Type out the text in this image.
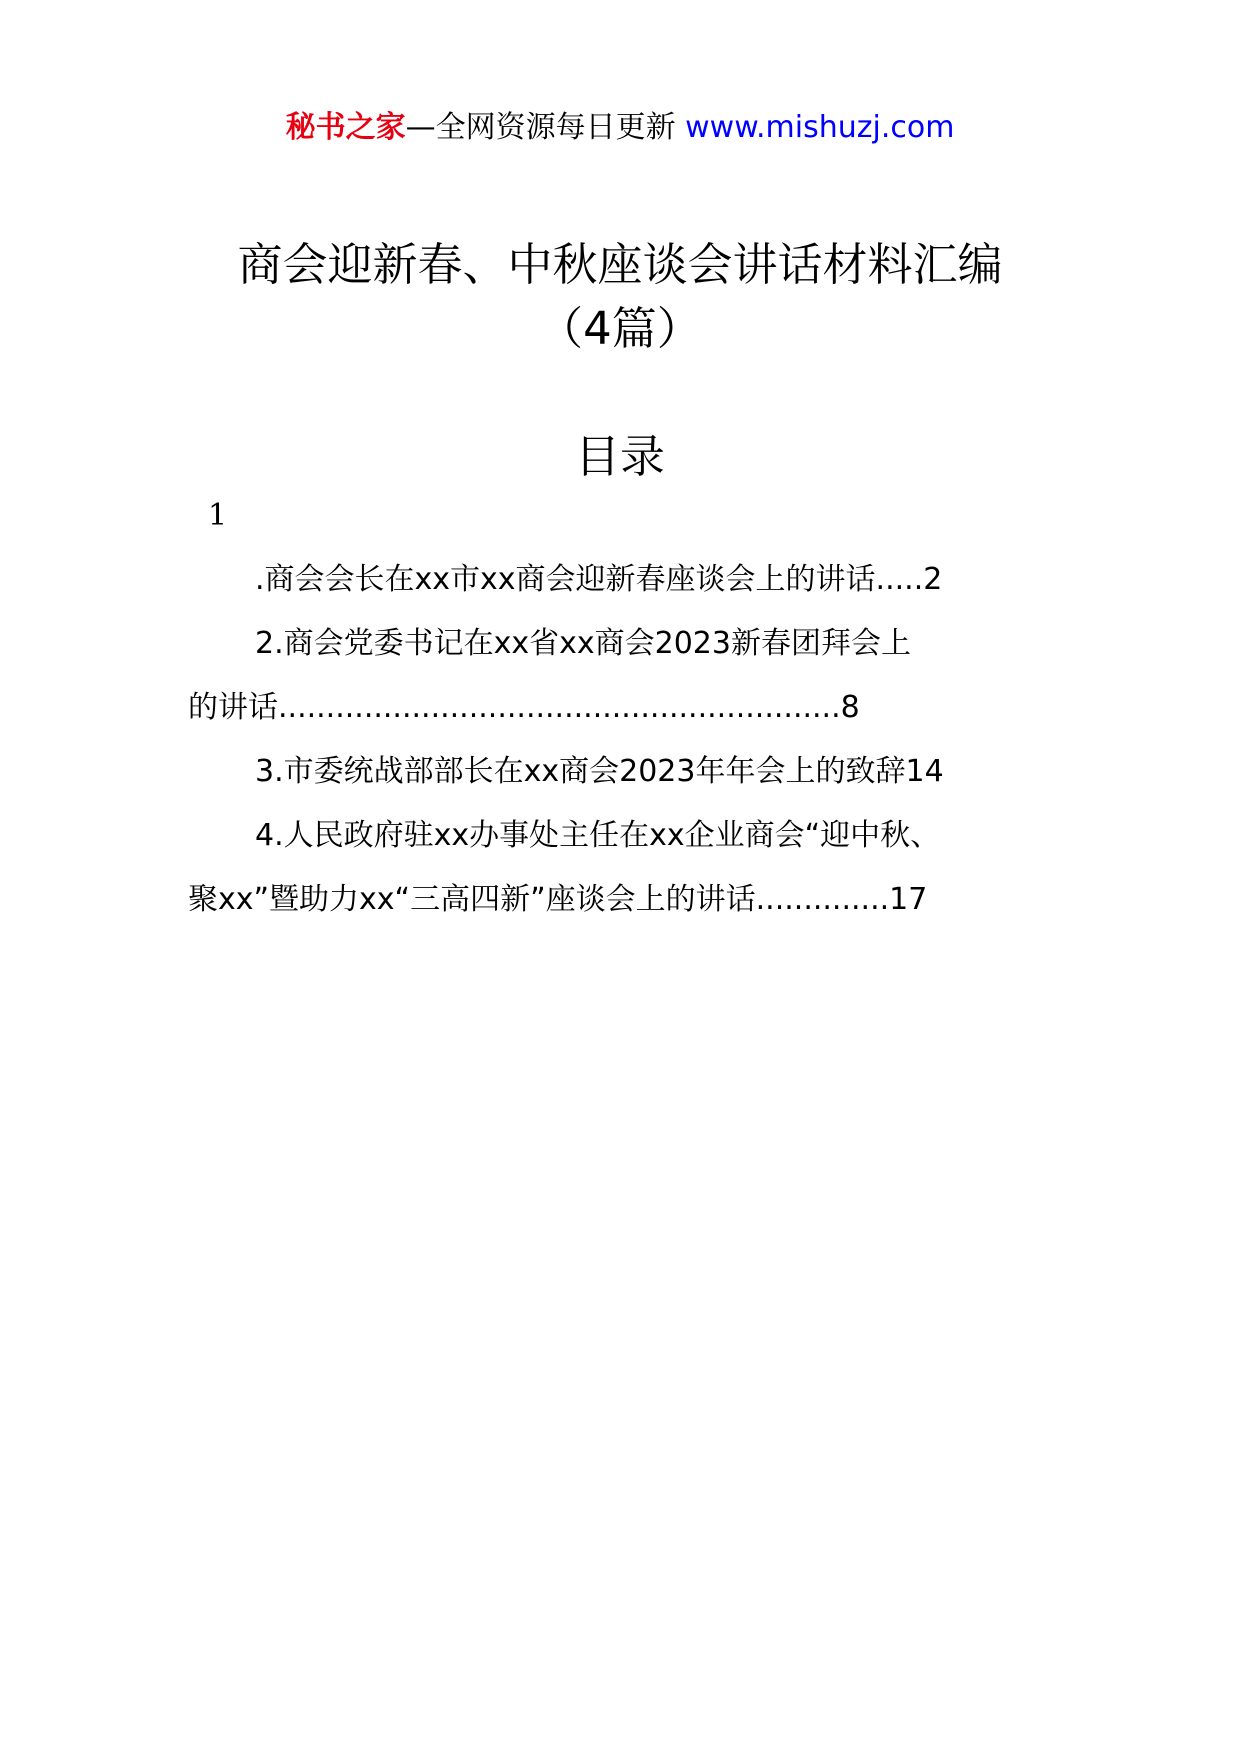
秘书之家—全网资源每日更新 www.mishuzj.com
商会迎新春、中秋座谈会讲话材料汇编
（4篇）
目录
1
.商会会长在xx市xx商会迎新春座谈会上的讲话.....2
2.商会党委书记在xx省xx商会2023新春团拜会上
的讲话...........................................................8
3.市委统战部部长在xx商会2023年年会上的致辞14
4.人民政府驻xx办事处主任在xx企业商会“迎中秋、
聚xx”暨助力xx“三高四新”座谈会上的讲话..............17
